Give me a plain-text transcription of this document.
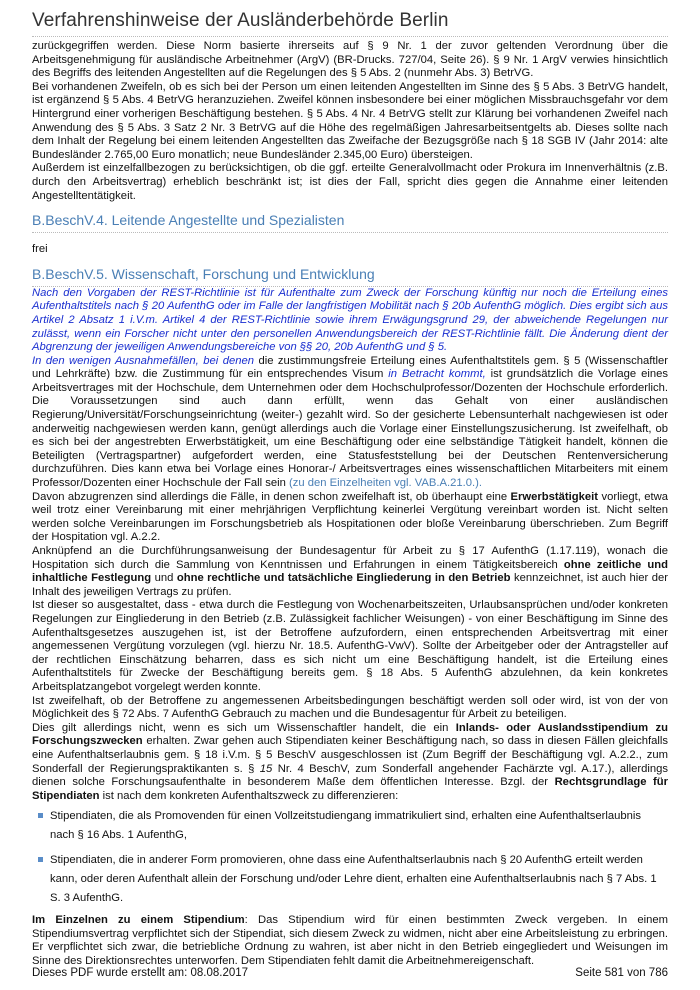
Verfahrenshinweise der Ausländerbehörde Berlin

zurückgegriffen werden. Diese Norm basierte ihrerseits auf § 9 Nr. 1 der zuvor geltenden Verordnung über die Arbeitsgenehmigung für ausländische Arbeitnehmer (ArgV) (BR-Drucks. 727/04, Seite 26). § 9 Nr. 1 ArgV verwies hinsichtlich des Begriffs des leitenden Angestellten auf die Regelungen des § 5 Abs. 2 (nunmehr Abs. 3) BetrVG.

Bei vorhandenen Zweifeln, ob es sich bei der Person um einen leitenden Angestellten im Sinne des § 5 Abs. 3 BetrVG handelt, ist ergänzend § 5 Abs. 4 BetrVG heranzuziehen. Zweifel können insbesondere bei einer möglichen Missbrauchsgefahr vor dem Hintergrund einer vorherigen Beschäftigung bestehen. § 5 Abs. 4 Nr. 4 BetrVG stellt zur Klärung bei vorhandenen Zweifel nach Anwendung des § 5 Abs. 3 Satz 2 Nr. 3 BetrVG auf die Höhe des regelmäßigen Jahresarbeitsentgelts ab. Dieses sollte nach dem Inhalt der Regelung bei einem leitenden Angestellten das Zweifache der Bezugsgröße nach § 18 SGB IV (Jahr 2014: alte Bundesländer 2.765,00 Euro monatlich; neue Bundesländer 2.345,00 Euro) übersteigen.

Außerdem ist einzelfallbezogen zu berücksichtigen, ob die ggf. erteilte Generalvollmacht oder Prokura im Innenverhältnis (z.B. durch den Arbeitsvertrag) erheblich beschränkt ist; ist dies der Fall, spricht dies gegen die Annahme einer leitenden Angestelltentätigkeit.

B.BeschV.4. Leitende Angestellte und Spezialisten

frei

B.BeschV.5. Wissenschaft, Forschung und Entwicklung

Nach den Vorgaben der REST-Richtlinie ist für Aufenthalte zum Zweck der Forschung künftig nur noch die Erteilung eines Aufenthaltstitels nach § 20 AufenthG oder im Falle der langfristigen Mobilität nach § 20b AufenthG möglich. Dies ergibt sich aus Artikel 2 Absatz 1 i.V.m. Artikel 4 der REST-Richtlinie sowie ihrem Erwägungsgrund 29, der abweichende Regelungen nur zulässt, wenn ein Forscher nicht unter den personellen Anwendungsbereich der REST-Richtlinie fällt. Die Änderung dient der Abgrenzung der jeweiligen Anwendungsbereiche von §§ 20, 20b AufenthG und § 5.

In den wenigen Ausnahmefällen, bei denen die zustimmungsfreie Erteilung eines Aufenthaltstitels gem. § 5 (Wissenschaftler und Lehrkräfte) bzw. die Zustimmung für ein entsprechendes Visum in Betracht kommt, ist grundsätzlich die Vorlage eines Arbeitsvertrages mit der Hochschule, dem Unternehmen oder dem Hochschulprofessor/Dozenten der Hochschule erforderlich. Die Voraussetzungen sind auch dann erfüllt, wenn das Gehalt von einer ausländischen Regierung/Universität/Forschungseinrichtung (weiter-) gezahlt wird. So der gesicherte Lebensunterhalt nachgewiesen ist oder anderweitig nachgewiesen werden kann, genügt allerdings auch die Vorlage einer Einstellungszusicherung. Ist zweifelhaft, ob es sich bei der angestrebten Erwerbstätigkeit, um eine Beschäftigung oder eine selbständige Tätigkeit handelt, können die Beteiligten (Vertragspartner) aufgefordert werden, eine Statusfeststellung bei der Deutschen Rentenversicherung durchzuführen. Dies kann etwa bei Vorlage eines Honorar-/ Arbeitsvertrages eines wissenschaftlichen Mitarbeiters mit einem Professor/Dozenten einer Hochschule der Fall sein (zu den Einzelheiten vgl. VAB.A.21.0.).

Davon abzugrenzen sind allerdings die Fälle, in denen schon zweifelhaft ist, ob überhaupt eine Erwerbstätigkeit vorliegt, etwa weil trotz einer Vereinbarung mit einer mehrjährigen Verpflichtung keinerlei Vergütung vereinbart worden ist. Nicht selten werden solche Vereinbarungen im Forschungsbetrieb als Hospitationen oder bloße Vereinbarung überschrieben. Zum Begriff der Hospitation vgl. A.2.2.

Anknüpfend an die Durchführungsanweisung der Bundesagentur für Arbeit zu § 17 AufenthG (1.17.119), wonach die Hospitation sich durch die Sammlung von Kenntnissen und Erfahrungen in einem Tätigkeitsbereich ohne zeitliche und inhaltliche Festlegung und ohne rechtliche und tatsächliche Eingliederung in den Betrieb kennzeichnet, ist auch hier der Inhalt des jeweiligen Vertrags zu prüfen.

Ist dieser so ausgestaltet, dass - etwa durch die Festlegung von Wochenarbeitszeiten, Urlaubsansprüchen und/oder konkreten Regelungen zur Eingliederung in den Betrieb (z.B. Zulässigkeit fachlicher Weisungen) - von einer Beschäftigung im Sinne des Aufenthaltsgesetzes auszugehen ist, ist der Betroffene aufzufordern, einen entsprechenden Arbeitsvertrag mit einer angemessenen Vergütung vorzulegen (vgl. hierzu Nr. 18.5. AufenthG-VwV). Sollte der Arbeitgeber oder der Antragsteller auf der rechtlichen Einschätzung beharren, dass es sich nicht um eine Beschäftigung handelt, ist die Erteilung eines Aufenthaltstitels für Zwecke der Beschäftigung bereits gem. § 18 Abs. 5 AufenthG abzulehnen, da kein konkretes Arbeitsplatzangebot vorgelegt werden konnte.

Ist zweifelhaft, ob der Betroffene zu angemessenen Arbeitsbedingungen beschäftigt werden soll oder wird, ist von der von Möglichkeit des § 72 Abs. 7 AufenthG Gebrauch zu machen und die Bundesagentur für Arbeit zu beteiligen.

Dies gilt allerdings nicht, wenn es sich um Wissenschaftler handelt, die ein Inlands- oder Auslandsstipendium zu Forschungszwecken erhalten. Zwar gehen auch Stipendiaten keiner Beschäftigung nach, so dass in diesen Fällen gleichfalls eine Aufenthaltserlaubnis gem. § 18 i.V.m. § 5 BeschV ausgeschlossen ist (Zum Begriff der Beschäftigung vgl. A.2.2., zum Sonderfall der Regierungspraktikanten s. § 15 Nr. 4 BeschV, zum Sonderfall angehender Fachärzte vgl. A.17.), allerdings dienen solche Forschungsaufenthalte in besonderem Maße dem öffentlichen Interesse. Bzgl. der Rechtsgrundlage für Stipendiaten ist nach dem konkreten Aufenthaltszweck zu differenzieren:

Stipendiaten, die als Promovenden für einen Vollzeitstudiengang immatrikuliert sind, erhalten eine Aufenthaltserlaubnis nach § 16 Abs. 1 AufenthG,
Stipendiaten, die in anderer Form promovieren, ohne dass eine Aufenthaltserlaubnis nach § 20 AufenthG erteilt werden kann, oder deren Aufenthalt allein der Forschung und/oder Lehre dient, erhalten eine Aufenthaltserlaubnis nach § 7 Abs. 1 S. 3 AufenthG.

Im Einzelnen zu einem Stipendium: Das Stipendium wird für einen bestimmten Zweck vergeben. In einem Stipendiumsvertrag verpflichtet sich der Stipendiat, sich diesem Zweck zu widmen, nicht aber eine Arbeitsleistung zu erbringen. Er verpflichtet sich zwar, die betriebliche Ordnung zu wahren, ist aber nicht in den Betrieb eingegliedert und Weisungen im Sinne des Direktionsrechtes unterworfen. Dem Stipendiaten fehlt damit die Arbeitnehmereigenschaft.

Dieses PDF wurde erstellt am: 08.08.2017	Seite 581 von 786
